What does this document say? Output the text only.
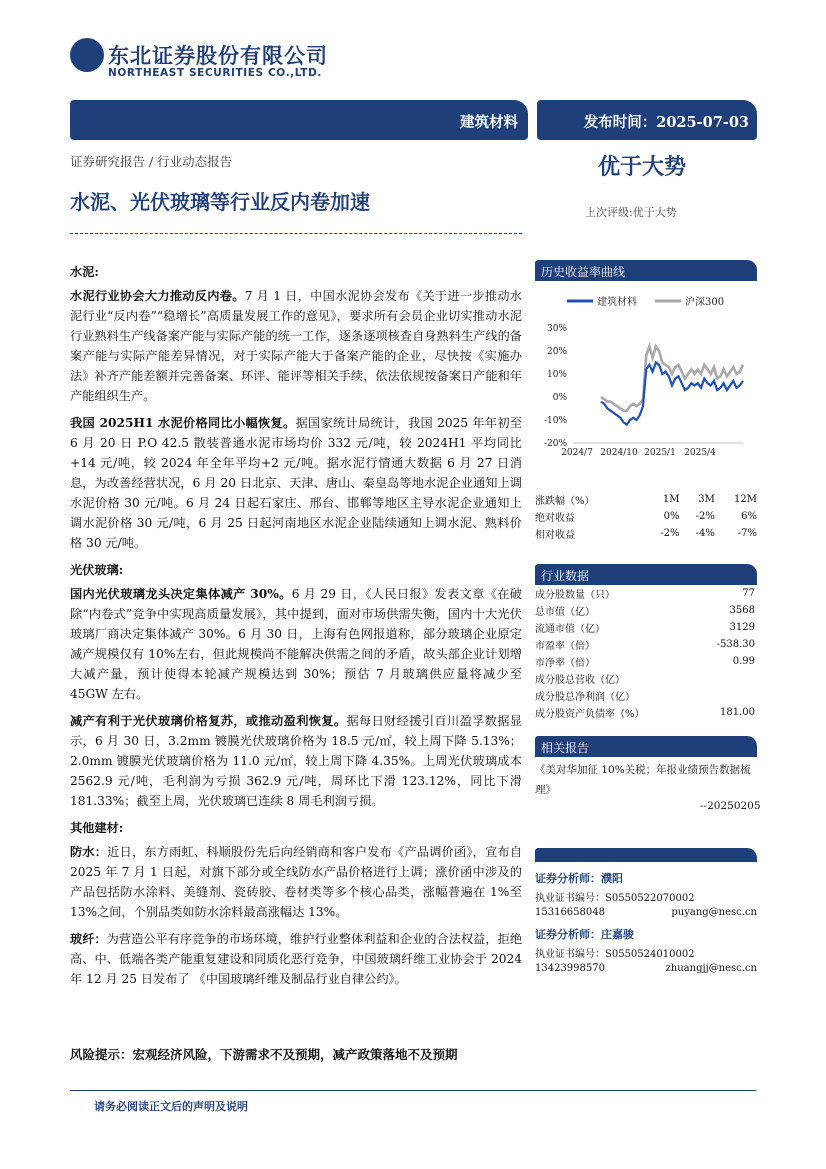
东北证券股份有限公司
NORTHEAST SECURITIES CO.,LTD.
建筑材料	发布时间：2025-07-03
证券研究报告 / 行业动态报告	优于大势
水泥、光伏玻璃等行业反内卷加速	上次评级:优于大势
水泥:

水泥行业协会大力推动反内卷。7 月 1 日，中国水泥协会发布《关于进一步推动水泥行业“反内卷”“稳增长”高质量发展工作的意见》，要求所有会员企业切实推动水泥行业熟料生产线备案产能与实际产能的统一工作，逐条逐项核查自身熟料生产线的备案产能与实际产能差异情况，对于实际产能大于备案产能的企业，尽快按《实施办法》补齐产能差额并完善备案、环评、能评等相关手续，依法依规按备案日产能和年产能组织生产。

我国 2025H1 水泥价格同比小幅恢复。据国家统计局统计，我国 2025 年年初至 6 月 20 日 P.O 42.5 散装普通水泥市场均价 332 元/吨，较 2024H1 平均同比+14 元/吨，较 2024 年全年平均+2 元/吨。据水泥行情通大数据 6 月 27 日消息，为改善经营状况，6 月 20 日北京、天津、唐山、秦皇岛等地水泥企业通知上调水泥价格 30 元/吨。6 月 24 日起石家庄、邢台、邯郸等地区主导水泥企业通知上调水泥价格 30 元/吨，6 月 25 日起河南地区水泥企业陆续通知上调水泥、熟料价格 30 元/吨。

光伏玻璃:

国内光伏玻璃龙头决定集体减产 30%。6 月 29 日，《人民日报》发表文章《在破除“内卷式”竞争中实现高质量发展》，其中提到，面对市场供需失衡，国内十大光伏玻璃厂商决定集体减产 30%。6 月 30 日，上海有色网报道称，部分玻璃企业原定减产规模仅有 10%左右，但此规模尚不能解决供需之间的矛盾，故头部企业计划增大减产量，预计使得本轮减产规模达到 30%；预估 7 月玻璃供应量将减少至 45GW 左右。

减产有利于光伏玻璃价格复苏，或推动盈利恢复。据每日财经援引百川盈孚数据显示，6 月 30 日，3.2mm 镀膜光伏玻璃价格为 18.5 元/㎡，较上周下降 5.13%；2.0mm 镀膜光伏玻璃价格为 11.0 元/㎡，较上周下降 4.35%。上周光伏玻璃成本 2562.9 元/吨，毛利润为亏损 362.9 元/吨，周环比下滑 123.12%，同比下滑 181.33%；截至上周，光伏玻璃已连续 8 周毛利润亏损。

其他建材:

防水：近日，东方雨虹、科顺股份先后向经销商和客户发布《产品调价函》，宣布自 2025 年 7 月 1 日起，对旗下部分或全线防水产品价格进行上调；涨价函中涉及的产品包括防水涂料、美缝剂、瓷砖胶、卷材类等多个核心品类，涨幅普遍在 1%至 13%之间，个别品类如防水涂料最高涨幅达 13%。

玻纤：为营造公平有序竞争的市场环境，维护行业整体利益和企业的合法权益，拒绝高、中、低端各类产能重复建设和同质化恶行竞争，中国玻璃纤维工业协会于 2024 年 12 月 25 日发布了 《中国玻璃纤维及制品行业自律公约》。

风险提示：宏观经济风险，下游需求不及预期，减产政策落地不及预期
请务必阅读正文后的声明及说明
历史收益率曲线
建筑材料	沪深300
30%
20%
10%
0%
-10%
-20%
2024/7 2024/10 2025/1 2025/4
涨跌幅（%）	1M	3M	12M
绝对收益	0%	-2%	6%
相对收益	-2%	-4%	-7%
行业数据
成分股数量（只）	77
总市值（亿）	3568
流通市值（亿）	3129
市盈率（倍）	-538.30
市净率（倍）	0.99
成分股总营收（亿）	
成分股总净利润（亿）	
成分股资产负债率（%）	181.00
相关报告
《美对华加征 10%关税；年报业绩预告数据梳理》
--20250205
证券分析师：濮阳
执业证书编号：S0550522070002
15316658048	puyang@nesc.cn
证券分析师：庄嘉骏
执业证书编号：S0550524010002
13423998570	zhuangjj@nesc.cn
